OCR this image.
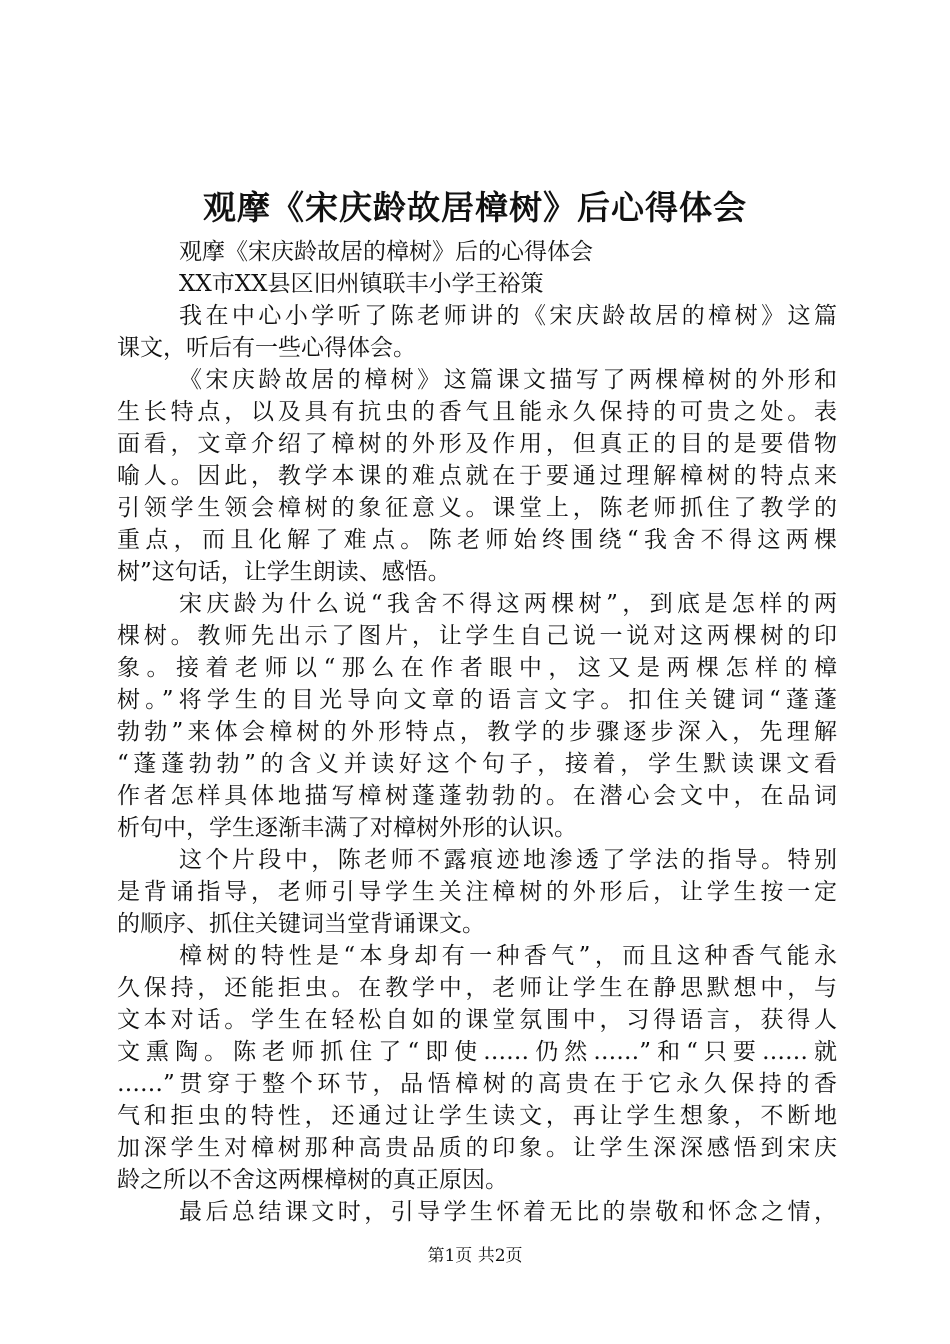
观摩《宋庆龄故居樟树》后心得体会

观摩《宋庆龄故居的樟树》后的心得体会

XX市XX县区旧州镇联丰小学王裕策

我在中心小学听了陈老师讲的《宋庆龄故居的樟树》这篇

课文，听后有一些心得体会。

《宋庆龄故居的樟树》这篇课文描写了两棵樟树的外形和

生长特点，以及具有抗虫的香气且能永久保持的可贵之处。表

面看，文章介绍了樟树的外形及作用，但真正的目的是要借物

喻人。因此，教学本课的难点就在于要通过理解樟树的特点来

引领学生领会樟树的象征意义。课堂上，陈老师抓住了教学的

重点，而且化解了难点。陈老师始终围绕“我舍不得这两棵

树”这句话，让学生朗读、感悟。

宋庆龄为什么说“我舍不得这两棵树”，到底是怎样的两

棵树。教师先出示了图片，让学生自己说一说对这两棵树的印

象。接着老师以“那么在作者眼中，这又是两棵怎样的樟

树。”将学生的目光导向文章的语言文字。扣住关键词“蓬蓬

勃勃”来体会樟树的外形特点，教学的步骤逐步深入，先理解

“蓬蓬勃勃”的含义并读好这个句子，接着，学生默读课文看

作者怎样具体地描写樟树蓬蓬勃勃的。在潜心会文中，在品词

析句中，学生逐渐丰满了对樟树外形的认识。

这个片段中，陈老师不露痕迹地渗透了学法的指导。特别

是背诵指导，老师引导学生关注樟树的外形后，让学生按一定

的顺序、抓住关键词当堂背诵课文。

樟树的特性是“本身却有一种香气”，而且这种香气能永

久保持，还能拒虫。在教学中，老师让学生在静思默想中，与

文本对话。学生在轻松自如的课堂氛围中，习得语言，获得人

文熏陶。陈老师抓住了“即使……仍然……”和“只要……就

……”贯穿于整个环节，品悟樟树的高贵在于它永久保持的香

气和拒虫的特性，还通过让学生读文，再让学生想象，不断地

加深学生对樟树那种高贵品质的印象。让学生深深感悟到宋庆

龄之所以不舍这两棵樟树的真正原因。

最后总结课文时，引导学生怀着无比的崇敬和怀念之情，

第1页 共2页
